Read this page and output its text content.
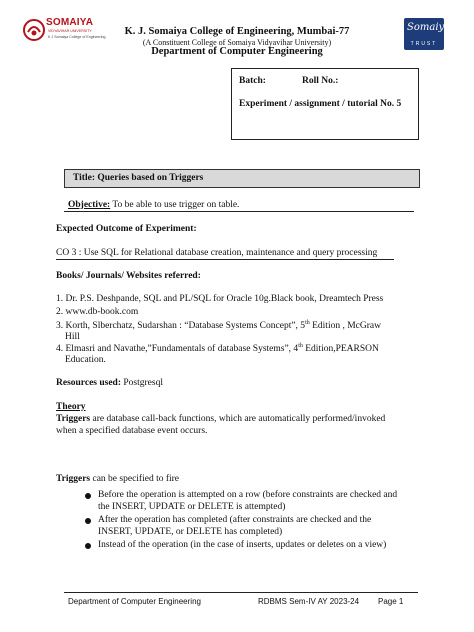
SOMAIYA
VIDYAVIHAR UNIVERSITY
K J Somaiya College of Engineering
Somaiya
TRUST
K. J. Somaiya College of Engineering, Mumbai-77
(A Constituent College of Somaiya Vidyavihar University)
Department of Computer Engineering
Batch:	Roll No.:
Experiment / assignment / tutorial No. 5
Title: Queries based on Triggers
Objective: To be able to use trigger on table.
Expected Outcome of Experiment:
CO 3 : Use SQL for Relational database creation, maintenance and query processing
Books/ Journals/ Websites referred:
1. Dr. P.S. Deshpande, SQL and PL/SQL for Oracle 10g.Black book, Dreamtech Press
2. www.db-book.com
3. Korth, Slberchatz, Sudarshan : “Database Systems Concept”, 5th Edition , McGraw
Hill
4. Elmasri and Navathe,”Fundamentals of database Systems”, 4th Edition,PEARSON
Education.
Resources used: Postgresql
Theory
Triggers are database call-back functions, which are automatically performed/invoked
when a specified database event occurs.
Triggers can be specified to fire
Before the operation is attempted on a row (before constraints are checked and
the INSERT, UPDATE or DELETE is attempted)
After the operation has completed (after constraints are checked and the
INSERT, UPDATE, or DELETE has completed)
Instead of the operation (in the case of inserts, updates or deletes on a view)
Department of Computer Engineering	RDBMS Sem-IV AY 2023-24 Page 1
